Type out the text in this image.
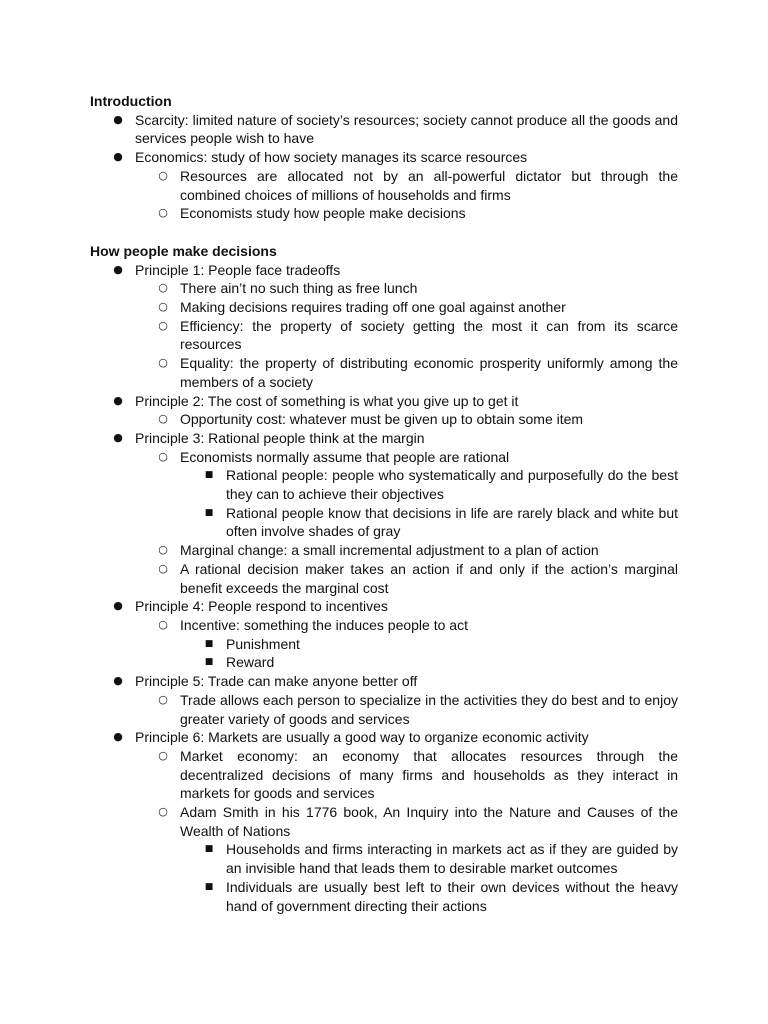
Introduction
● Scarcity: limited nature of society’s resources; society cannot produce all the goods and services people wish to have
● Economics: study of how society manages its scarce resources
○ Resources are allocated not by an all-powerful dictator but through the combined choices of millions of households and firms
○ Economists study how people make decisions
How people make decisions
● Principle 1: People face tradeoffs
○ There ain’t no such thing as free lunch
○ Making decisions requires trading off one goal against another
○ Efficiency: the property of society getting the most it can from its scarce resources
○ Equality: the property of distributing economic prosperity uniformly among the members of a society
● Principle 2: The cost of something is what you give up to get it
○ Opportunity cost: whatever must be given up to obtain some item
● Principle 3: Rational people think at the margin
○ Economists normally assume that people are rational
■ Rational people: people who systematically and purposefully do the best they can to achieve their objectives
■ Rational people know that decisions in life are rarely black and white but often involve shades of gray
○ Marginal change: a small incremental adjustment to a plan of action
○ A rational decision maker takes an action if and only if the action’s marginal benefit exceeds the marginal cost
● Principle 4: People respond to incentives
○ Incentive: something the induces people to act
■ Punishment
■ Reward
● Principle 5: Trade can make anyone better off
○ Trade allows each person to specialize in the activities they do best and to enjoy greater variety of goods and services
● Principle 6: Markets are usually a good way to organize economic activity
○ Market economy: an economy that allocates resources through the decentralized decisions of many firms and households as they interact in markets for goods and services
○ Adam Smith in his 1776 book, An Inquiry into the Nature and Causes of the Wealth of Nations
■ Households and firms interacting in markets act as if they are guided by an invisible hand that leads them to desirable market outcomes
■ Individuals are usually best left to their own devices without the heavy hand of government directing their actions
